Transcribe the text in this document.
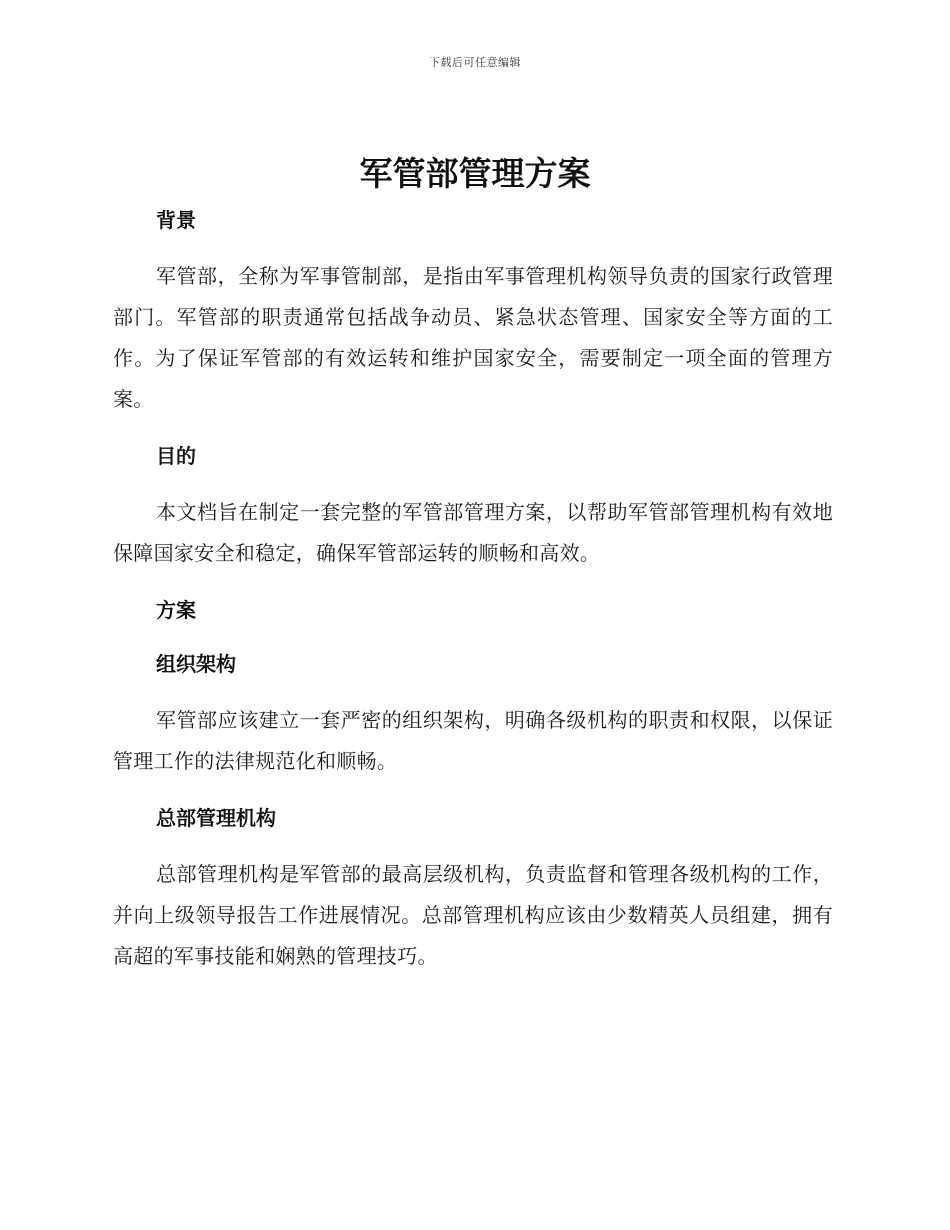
下载后可任意编辑
军管部管理方案
背景

军管部，全称为军事管制部，是指由军事管理机构领导负责的国家行政管理部门。军管部的职责通常包括战争动员、紧急状态管理、国家安全等方面的工作。为了保证军管部的有效运转和维护国家安全，需要制定一项全面的管理方案。

目的

本文档旨在制定一套完整的军管部管理方案，以帮助军管部管理机构有效地保障国家安全和稳定，确保军管部运转的顺畅和高效。

方案
组织架构

军管部应该建立一套严密的组织架构，明确各级机构的职责和权限，以保证管理工作的法律规范化和顺畅。

总部管理机构

总部管理机构是军管部的最高层级机构，负责监督和管理各级机构的工作，并向上级领导报告工作进展情况。总部管理机构应该由少数精英人员组建，拥有高超的军事技能和娴熟的管理技巧。
